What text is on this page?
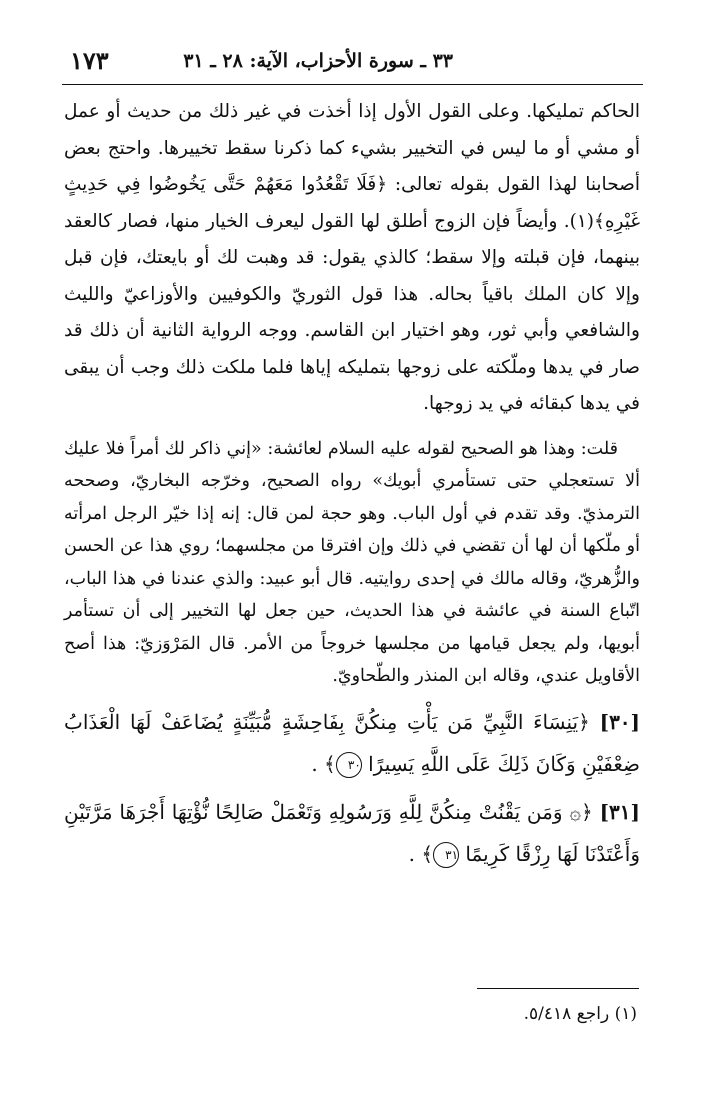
٣٣ ـ سورة الأحزاب، الآية: ٢٨ ـ ٣١
١٧٣

الحاكم تمليكها. وعلى القول الأول إذا أخذت في غير ذلك من حديث أو عمل أو مشي أو ما ليس في التخيير بشيء كما ذكرنا سقط تخييرها. واحتج بعض أصحابنا لهذا القول بقوله تعالى: ﴿فَلَا تَقْعُدُوا مَعَهُمْ حَتَّى يَخُوضُوا فِي حَدِيثٍ غَيْرِهِ﴾(١). وأيضاً فإن الزوج أطلق لها القول ليعرف الخيار منها، فصار كالعقد بينهما، فإن قبلته وإلا سقط؛ كالذي يقول: قد وهبت لك أو بايعتك، فإن قبل وإلا كان الملك باقياً بحاله. هذا قول الثوريّ والكوفيين والأوزاعيّ والليث والشافعي وأبي ثور، وهو اختيار ابن القاسم. ووجه الرواية الثانية أن ذلك قد صار في يدها وملّكته على زوجها بتمليكه إياها فلما ملكت ذلك وجب أن يبقى في يدها كبقائه في يد زوجها.

قلت: وهذا هو الصحيح لقوله عليه السلام لعائشة: «إني ذاكر لك أمراً فلا عليك ألا تستعجلي حتى تستأمري أبويك» رواه الصحيح، وخرّجه البخاريّ، وصححه الترمذيّ. وقد تقدم في أول الباب. وهو حجة لمن قال: إنه إذا خيّر الرجل امرأته أو ملّكها أن لها أن تقضي في ذلك وإن افترقا من مجلسهما؛ روي هذا عن الحسن والزُّهريّ، وقاله مالك في إحدى روايتيه. قال أبو عبيد: والذي عندنا في هذا الباب، اتّباع السنة في عائشة في هذا الحديث، حين جعل لها التخيير إلى أن تستأمر أبويها، ولم يجعل قيامها من مجلسها خروجاً من الأمر. قال المَرْوَزيّ: هذا أصح الأقاويل عندي، وقاله ابن المنذر والطّحاويّ.

[٣٠] ﴿يَنِسَاءَ النَّبِيِّ مَن يَأْتِ مِنكُنَّ بِفَاحِشَةٍ مُّبَيِّنَةٍ يُضَاعَفْ لَهَا الْعَذَابُ ضِعْفَيْنِ وَكَانَ ذَلِكَ عَلَى اللَّهِ يَسِيرًا ٣٠﴾ .

[٣١] ﴿۞ وَمَن يَقْنُتْ مِنكُنَّ لِلَّهِ وَرَسُولِهِ وَتَعْمَلْ صَالِحًا نُّؤْتِهَا أَجْرَهَا مَرَّتَيْنِ وَأَعْتَدْنَا لَهَا رِزْقًا كَرِيمًا ٣١﴾ .

(١) راجع ٥/٤١٨.
